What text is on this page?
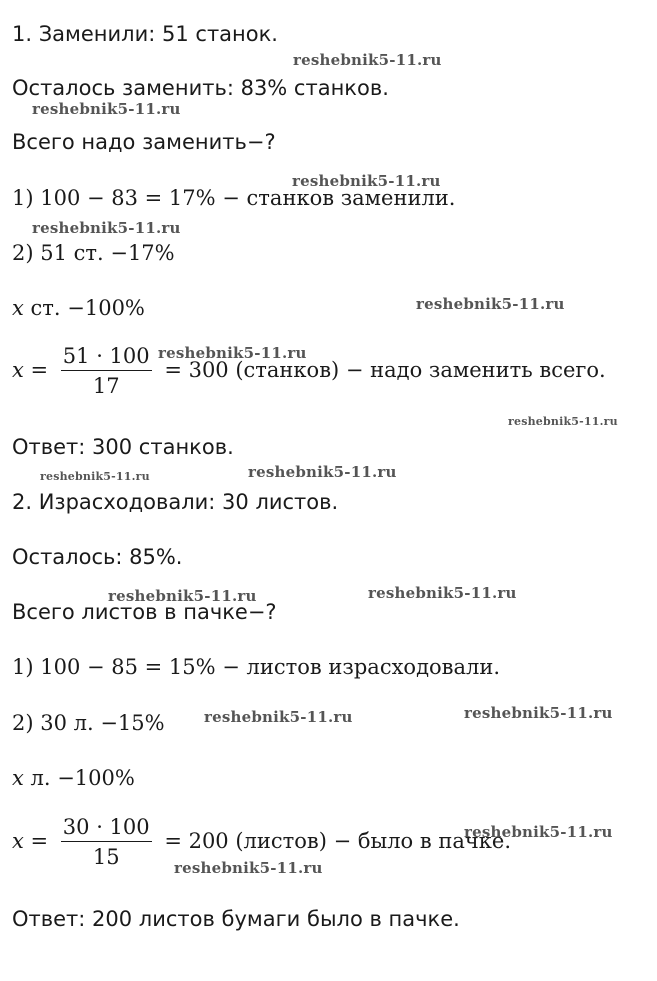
1. Заменили: 51 станок.
Осталось заменить: 83% станков.
Всего надо заменить−?
1) 100 − 83 = 17% − станков заменили.
2) 51 ст. −17%
x ст. −100%
$x = \frac{51 \cdot 100}{17} = 300$ (станков) − надо заменить всего.
Ответ: 300 станков.
2. Израсходовали: 30 листов.
Осталось: 85%.
Всего листов в пачке−?
1) 100 − 85 = 15% − листов израсходовали.
2) 30 л. −15%
x л. −100%
$x = \frac{30 \cdot 100}{15} = 200$ (листов) − было в пачке.
Ответ: 200 листов бумаги было в пачке.
reshebnik5-11.ru
reshebnik5-11.ru
reshebnik5-11.ru
reshebnik5-11.ru
reshebnik5-11.ru
reshebnik5-11.ru
reshebnik5-11.ru
reshebnik5-11.ru	reshebnik5-11.ru
reshebnik5-11.ru	reshebnik5-11.ru
reshebnik5-11.ru	reshebnik5-11.ru
reshebnik5-11.ru
reshebnik5-11.ru
